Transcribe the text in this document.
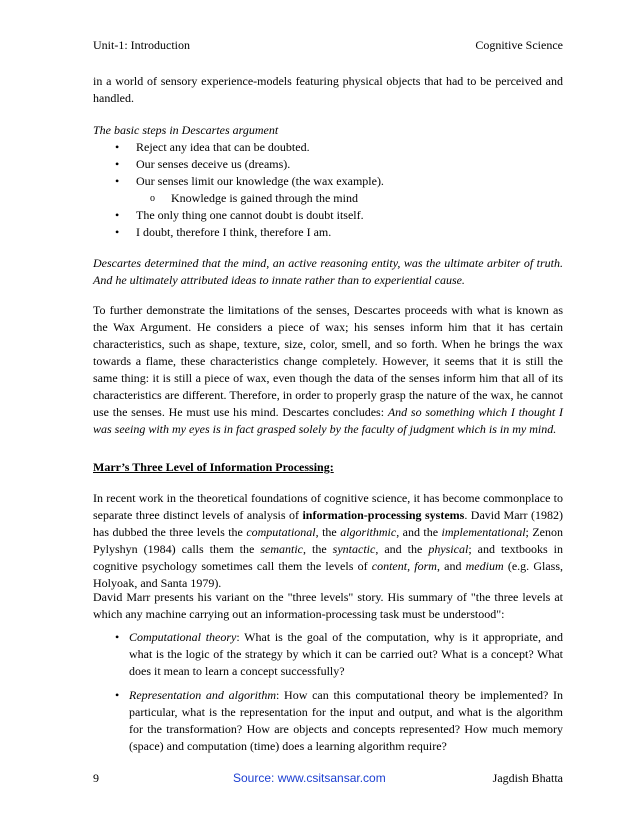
Unit-1: Introduction	Cognitive Science

in a world of sensory experience-models featuring physical objects that had to be perceived and handled.

The basic steps in Descartes argument

• Reject any idea that can be doubted.
• Our senses deceive us (dreams).
• Our senses limit our knowledge (the wax example).
o Knowledge is gained through the mind
• The only thing one cannot doubt is doubt itself.
• I doubt, therefore I think, therefore I am.

Descartes determined that the mind, an active reasoning entity, was the ultimate arbiter of truth. And he ultimately attributed ideas to innate rather than to experiential cause.

To further demonstrate the limitations of the senses, Descartes proceeds with what is known as the Wax Argument. He considers a piece of wax; his senses inform him that it has certain characteristics, such as shape, texture, size, color, smell, and so forth. When he brings the wax towards a flame, these characteristics change completely. However, it seems that it is still the same thing: it is still a piece of wax, even though the data of the senses inform him that all of its characteristics are different. Therefore, in order to properly grasp the nature of the wax, he cannot use the senses. He must use his mind. Descartes concludes: And so something which I thought I was seeing with my eyes is in fact grasped solely by the faculty of judgment which is in my mind.

Marr’s Three Level of Information Processing:

In recent work in the theoretical foundations of cognitive science, it has become commonplace to separate three distinct levels of analysis of information-processing systems. David Marr (1982) has dubbed the three levels the computational, the algorithmic, and the implementational; Zenon Pylyshyn (1984) calls them the semantic, the syntactic, and the physical; and textbooks in cognitive psychology sometimes call them the levels of content, form, and medium (e.g. Glass, Holyoak, and Santa 1979).

David Marr presents his variant on the "three levels" story. His summary of "the three levels at which any machine carrying out an information-processing task must be understood":

• Computational theory: What is the goal of the computation, why is it appropriate, and what is the logic of the strategy by which it can be carried out? What is a concept? What does it mean to learn a concept successfully?

• Representation and algorithm: How can this computational theory be implemented? In particular, what is the representation for the input and output, and what is the algorithm for the transformation? How are objects and concepts represented? How much memory (space) and computation (time) does a learning algorithm require?

9	Source: www.csitsansar.com	Jagdish Bhatta
